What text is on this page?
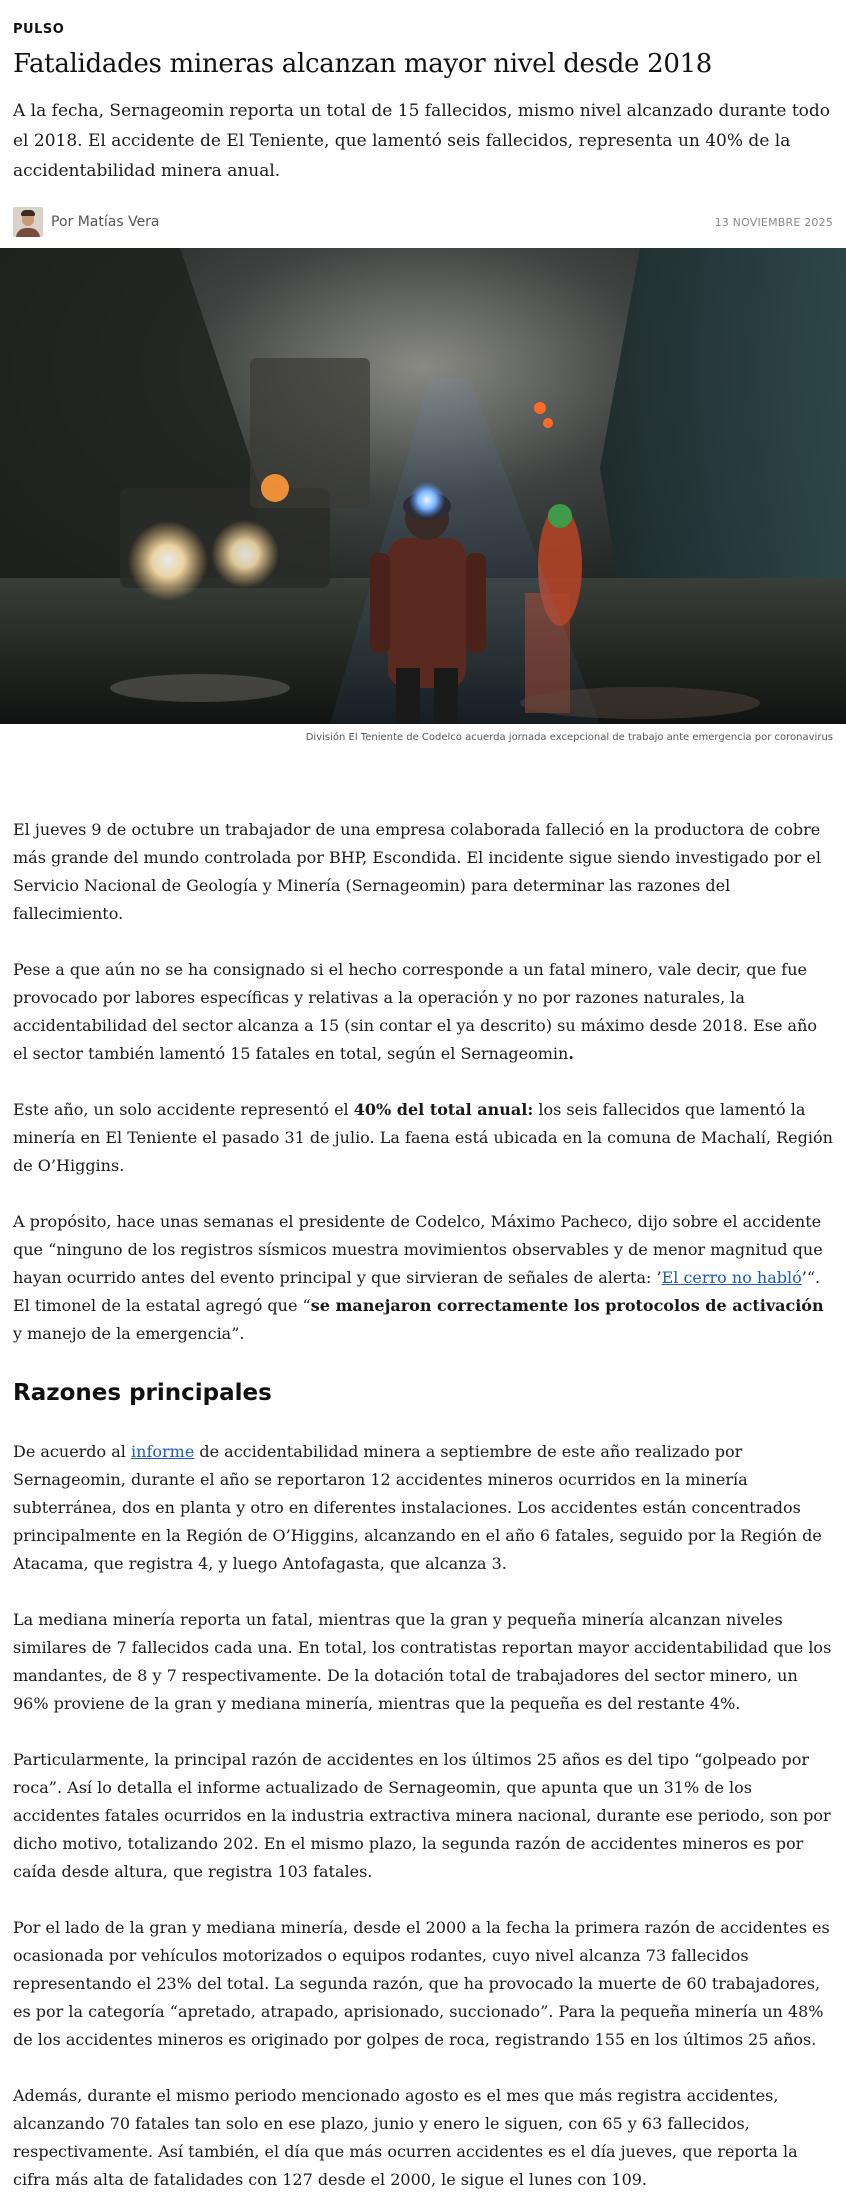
PULSO
Fatalidades mineras alcanzan mayor nivel desde 2018

A la fecha, Sernageomin reporta un total de 15 fallecidos, mismo nivel alcanzado durante todo el 2018. El accidente de El Teniente, que lamentó seis fallecidos, representa un 40% de la accidentabilidad minera anual.

Por Matías Vera	13 NOVIEMBRE 2025
División El Teniente de Codelco acuerda jornada excepcional de trabajo ante emergencia por coronavirus

El jueves 9 de octubre un trabajador de una empresa colaborada falleció en la productora de cobre más grande del mundo controlada por BHP, Escondida. El incidente sigue siendo investigado por el Servicio Nacional de Geología y Minería (Sernageomin) para determinar las razones del fallecimiento.

Pese a que aún no se ha consignado si el hecho corresponde a un fatal minero, vale decir, que fue provocado por labores específicas y relativas a la operación y no por razones naturales, la accidentabilidad del sector alcanza a 15 (sin contar el ya descrito) su máximo desde 2018. Ese año el sector también lamentó 15 fatales en total, según el Sernageomin.

Este año, un solo accidente representó el 40% del total anual: los seis fallecidos que lamentó la minería en El Teniente el pasado 31 de julio. La faena está ubicada en la comuna de Machalí, Región de O’Higgins.

A propósito, hace unas semanas el presidente de Codelco, Máximo Pacheco, dijo sobre el accidente que “ninguno de los registros sísmicos muestra movimientos observables y de menor magnitud que hayan ocurrido antes del evento principal y que sirvieran de señales de alerta: ’El cerro no habló’“. El timonel de la estatal agregó que “se manejaron correctamente los protocolos de activación y manejo de la emergencia”.

Razones principales

De acuerdo al informe de accidentabilidad minera a septiembre de este año realizado por Sernageomin, durante el año se reportaron 12 accidentes mineros ocurridos en la minería subterránea, dos en planta y otro en diferentes instalaciones. Los accidentes están concentrados principalmente en la Región de O’Higgins, alcanzando en el año 6 fatales, seguido por la Región de Atacama, que registra 4, y luego Antofagasta, que alcanza 3.

La mediana minería reporta un fatal, mientras que la gran y pequeña minería alcanzan niveles similares de 7 fallecidos cada una. En total, los contratistas reportan mayor accidentabilidad que los mandantes, de 8 y 7 respectivamente. De la dotación total de trabajadores del sector minero, un 96% proviene de la gran y mediana minería, mientras que la pequeña es del restante 4%.

Particularmente, la principal razón de accidentes en los últimos 25 años es del tipo “golpeado por roca”. Así lo detalla el informe actualizado de Sernageomin, que apunta que un 31% de los accidentes fatales ocurridos en la industria extractiva minera nacional, durante ese periodo, son por dicho motivo, totalizando 202. En el mismo plazo, la segunda razón de accidentes mineros es por caída desde altura, que registra 103 fatales.

Por el lado de la gran y mediana minería, desde el 2000 a la fecha la primera razón de accidentes es ocasionada por vehículos motorizados o equipos rodantes, cuyo nivel alcanza 73 fallecidos representando el 23% del total. La segunda razón, que ha provocado la muerte de 60 trabajadores, es por la categoría “apretado, atrapado, aprisionado, succionado”. Para la pequeña minería un 48% de los accidentes mineros es originado por golpes de roca, registrando 155 en los últimos 25 años.

Además, durante el mismo periodo mencionado agosto es el mes que más registra accidentes, alcanzando 70 fatales tan solo en ese plazo, junio y enero le siguen, con 65 y 63 fallecidos, respectivamente. Así también, el día que más ocurren accidentes es el día jueves, que reporta la cifra más alta de fatalidades con 127 desde el 2000, le sigue el lunes con 109.
